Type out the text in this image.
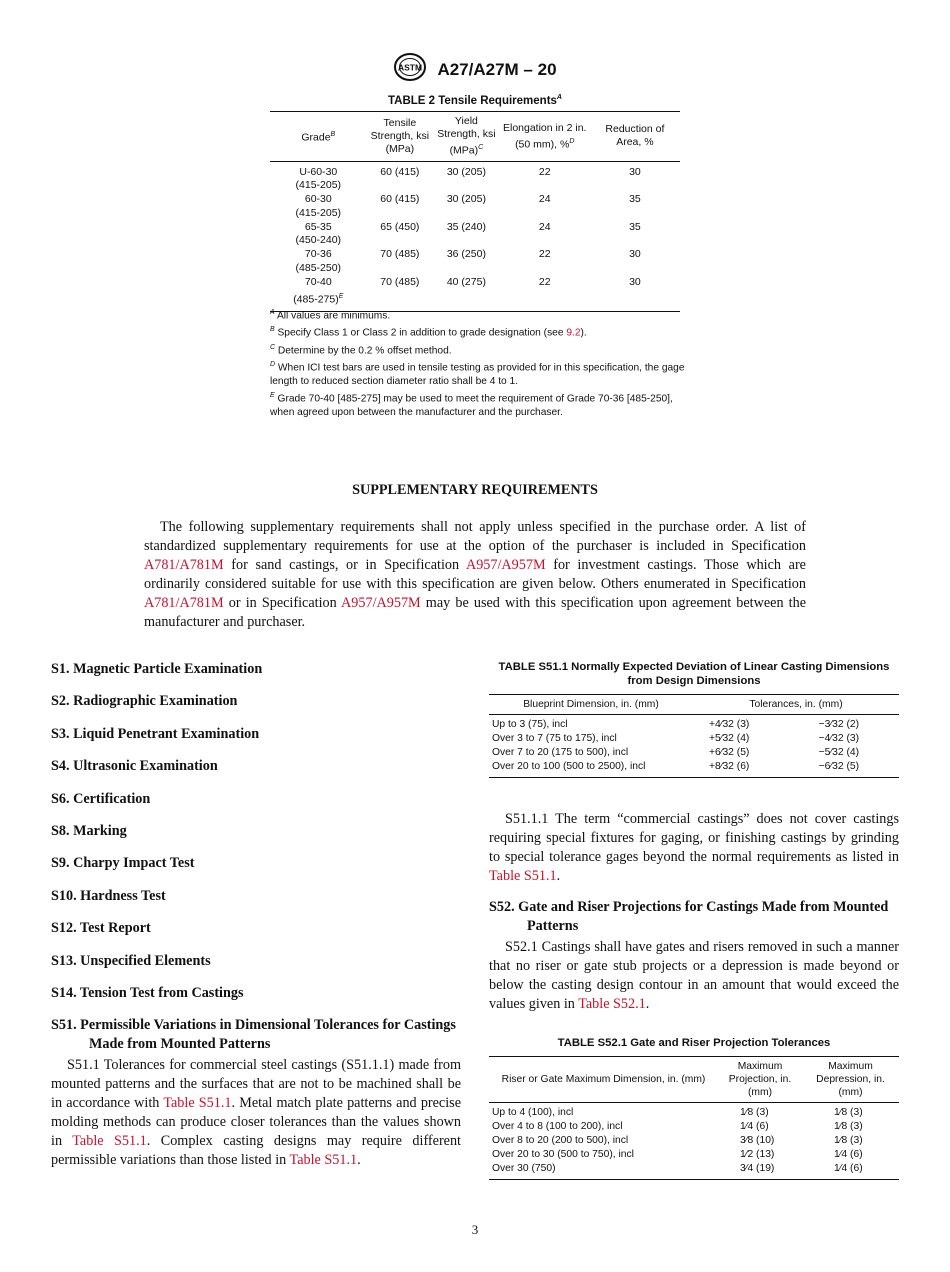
ASTM A27/A27M – 20
TABLE 2 Tensile Requirements$^A$
Grade$^B$	Tensile Strength, ksi (MPa)	Yield Strength, ksi (MPa)$^C$	Elongation in 2 in. (50 mm), %$^D$	Reduction of Area, %
U-60-30
(415-205)	60 (415)	30 (205)	22	30
60-30
(415-205)	60 (415)	30 (205)	24	35
65-35
(450-240)	65 (450)	35 (240)	24	35
70-36
(485-250)	70 (485)	36 (250)	22	30
70-40
$(485-275)^E$	70 (485)	40 (275)	22	30
$^A$ All values are minimums.
$^B$ Specify Class 1 or Class 2 in addition to grade designation (see 9.2).
$^C$ Determine by the 0.2 % offset method.
$^D$ When ICI test bars are used in tensile testing as provided for in this specification, the gage length to reduced section diameter ratio shall be 4 to 1.
$^E$ Grade 70-40 [485-275] may be used to meet the requirement of Grade 70-36 [485-250], when agreed upon between the manufacturer and the purchaser.
SUPPLEMENTARY REQUIREMENTS

The following supplementary requirements shall not apply unless specified in the purchase order. A list of standardized supplementary requirements for use at the option of the purchaser is included in Specification A781/A781M for sand castings, or in Specification A957/A957M for investment castings. Those which are ordinarily considered suitable for use with this specification are given below. Others enumerated in Specification A781/A781M or in Specification A957/A957M may be used with this specification upon agreement between the manufacturer and purchaser.

S1. Magnetic Particle Examination
S2. Radiographic Examination
S3. Liquid Penetrant Examination
S4. Ultrasonic Examination
S6. Certification
S8. Marking
S9. Charpy Impact Test
S10. Hardness Test
S12. Test Report
S13. Unspecified Elements
S14. Tension Test from Castings
S51. Permissible Variations in Dimensional Tolerances for Castings Made from Mounted Patterns

S51.1 Tolerances for commercial steel castings (S51.1.1) made from mounted patterns and the surfaces that are not to be machined shall be in accordance with Table S51.1. Metal match plate patterns and precise molding methods can produce closer tolerances than the values shown in Table S51.1. Complex casting designs may require different permissible variations than those listed in Table S51.1.

TABLE S51.1 Normally Expected Deviation of Linear Casting Dimensions from Design Dimensions
Blueprint Dimension, in. (mm)	Tolerances, in. (mm)	
Up to 3 (75), incl	+4⁄32 (3)	−3⁄32 (2)
Over 3 to 7 (75 to 175), incl	+5⁄32 (4)	−4⁄32 (3)
Over 7 to 20 (175 to 500), incl	+6⁄32 (5)	−5⁄32 (4)
Over 20 to 100 (500 to 2500), incl	+8⁄32 (6)	−6⁄32 (5)

S51.1.1 The term “commercial castings” does not cover castings requiring special fixtures for gaging, or finishing castings by grinding to special tolerance gages beyond the normal requirements as listed in Table S51.1.

S52. Gate and Riser Projections for Castings Made from Mounted Patterns

S52.1 Castings shall have gates and risers removed in such a manner that no riser or gate stub projects or a depression is made beyond or below the casting design contour in an amount that would exceed the values given in Table S52.1.

TABLE S52.1 Gate and Riser Projection Tolerances
Riser or Gate Maximum Dimension, in. (mm)	Maximum Projection, in. (mm)	Maximum Depression, in. (mm)
Up to 4 (100), incl	1⁄8 (3)	1⁄8 (3)
Over 4 to 8 (100 to 200), incl	1⁄4 (6)	1⁄8 (3)
Over 8 to 20 (200 to 500), incl	3⁄8 (10)	1⁄8 (3)
Over 20 to 30 (500 to 750), incl	1⁄2 (13)	1⁄4 (6)
Over 30 (750)	3⁄4 (19)	1⁄4 (6)
3
